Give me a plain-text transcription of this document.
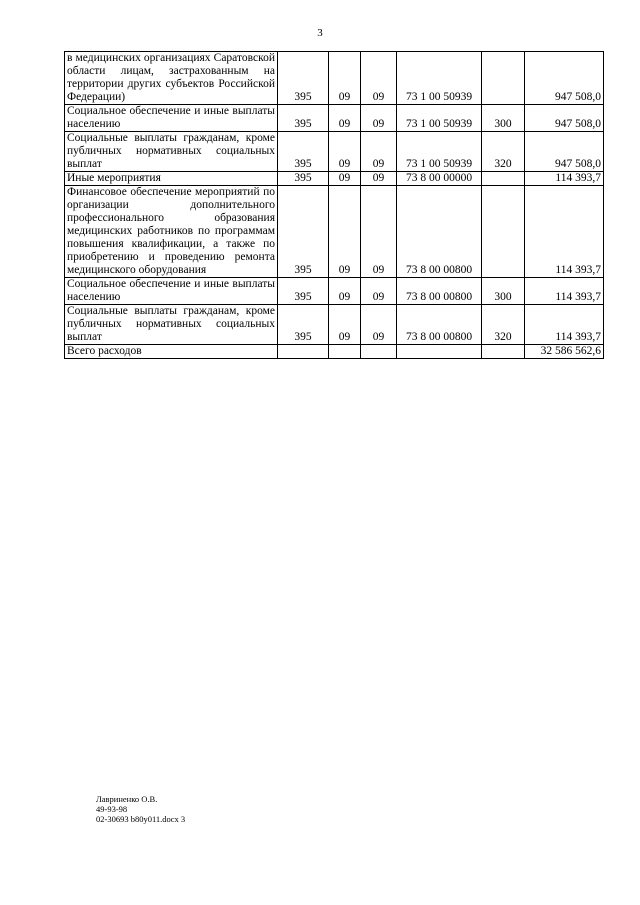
3
в медицинских организациях Саратовской области лицам, застрахованным на территории других субъектов Российской Федерации)	395	09	09	73 1 00 50939		947 508,0
Социальное обеспечение и иные выплаты населению	395	09	09	73 1 00 50939	300	947 508,0
Социальные выплаты гражданам, кроме публичных нормативных социальных выплат	395	09	09	73 1 00 50939	320	947 508,0
Иные мероприятия	395	09	09	73 8 00 00000		114 393,7
Финансовое обеспечение мероприятий по организации дополнительного профессионального образования медицинских работников по программам повышения квалификации, а также по приобретению и проведению ремонта медицинского оборудования	395	09	09	73 8 00 00800		114 393,7
Социальное обеспечение и иные выплаты населению	395	09	09	73 8 00 00800	300	114 393,7
Социальные выплаты гражданам, кроме публичных нормативных социальных выплат	395	09	09	73 8 00 00800	320	114 393,7
Всего расходов						32 586 562,6
Лавриненко О.В.
49-93-98
02-30693 b80y011.docx 3
